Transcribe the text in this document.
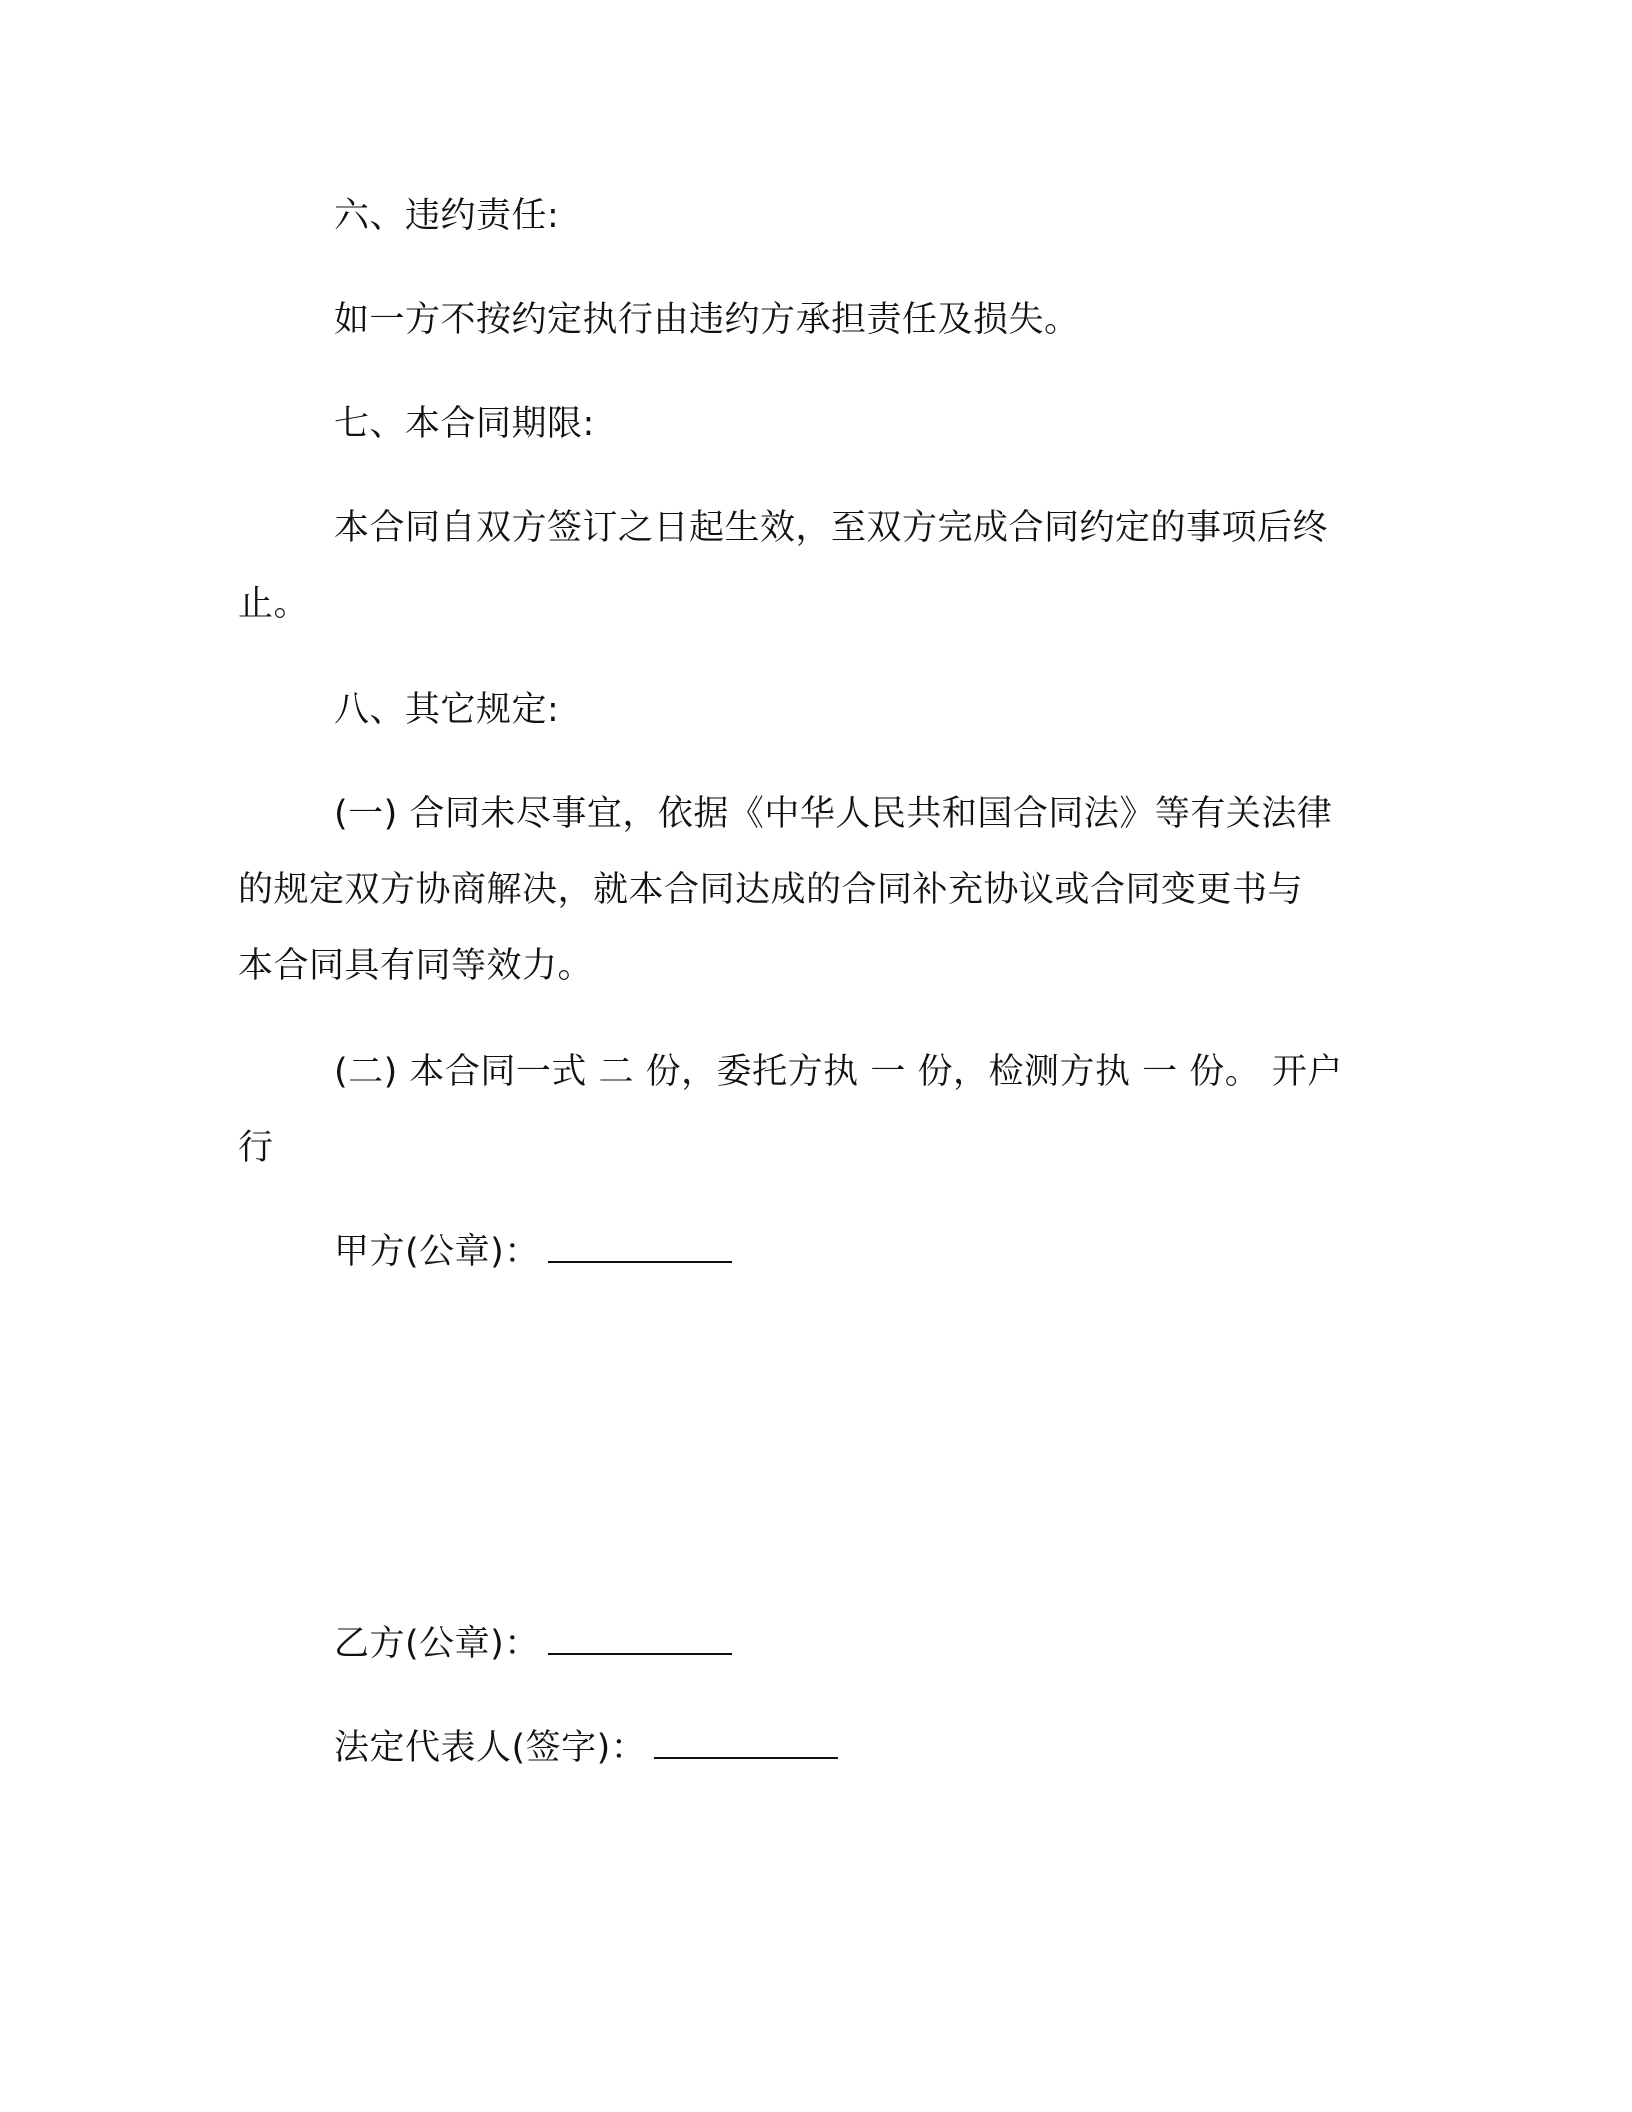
六、违约责任:
如一方不按约定执行由违约方承担责任及损失。
七、本合同期限:
本合同自双方签订之日起生效，至双方完成合同约定的事项后终
止。
八、其它规定:
(一) 合同未尽事宜，依据《中华人民共和国合同法》等有关法律
的规定双方协商解决，就本合同达成的合同补充协议或合同变更书与
本合同具有同等效力。
(二) 本合同一式 二 份，委托方执 一 份，检测方执 一 份。 开户
行
甲方(公章)：
乙方(公章)：
法定代表人(签字)：
